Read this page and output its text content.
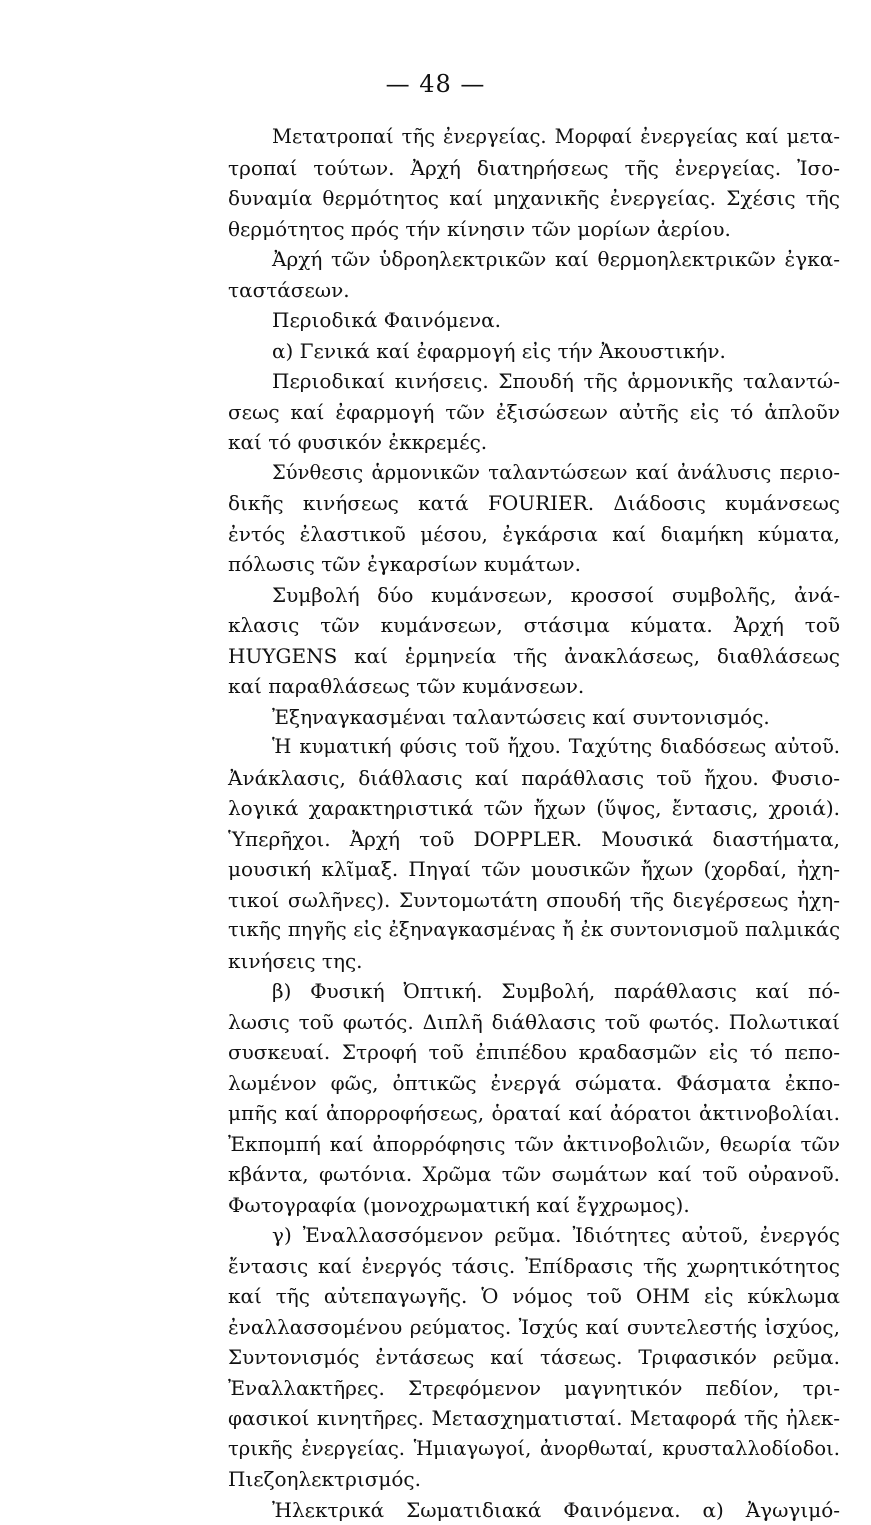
— 48 —
Μετατροπαί τῆς ἐνεργείας. Μορφαί ἐνεργείας καί μετα-
τροπαί τούτων. Ἀρχή διατηρήσεως τῆς ἐνεργείας. Ἰσο-
δυναμία θερμότητος καί μηχανικῆς ἐνεργείας. Σχέσις τῆς
θερμότητος πρός τήν κίνησιν τῶν μορίων ἀερίου.
Ἀρχή τῶν ὑδροηλεκτρικῶν καί θερμοηλεκτρικῶν ἐγκα-
ταστάσεων.
Περιοδικά Φαινόμενα.
α) Γενικά καί ἐφαρμογή εἰς τήν Ἀκουστικήν.
Περιοδικαί κινήσεις. Σπουδή τῆς ἁρμονικῆς ταλαντώ-
σεως καί ἐφαρμογή τῶν ἐξισώσεων αὐτῆς εἰς τό ἁπλοῦν
καί τό φυσικόν ἐκκρεμές.
Σύνθεσις ἁρμονικῶν ταλαντώσεων καί ἀνάλυσις περιο-
δικῆς κινήσεως κατά FOURIER. Διάδοσις κυμάνσεως
ἐντός ἐλαστικοῦ μέσου, ἐγκάρσια καί διαμήκη κύματα,
πόλωσις τῶν ἐγκαρσίων κυμάτων.
Συμβολή δύο κυμάνσεων, κροσσοί συμβολῆς, ἀνά-
κλασις τῶν κυμάνσεων, στάσιμα κύματα. Ἀρχή τοῦ
HUYGENS καί ἑρμηνεία τῆς ἀνακλάσεως, διαθλάσεως
καί παραθλάσεως τῶν κυμάνσεων.
Ἐξηναγκασμέναι ταλαντώσεις καί συντονισμός.
Ἡ κυματική φύσις τοῦ ἤχου. Ταχύτης διαδόσεως αὐτοῦ.
Ἀνάκλασις, διάθλασις καί παράθλασις τοῦ ἤχου. Φυσιο-
λογικά χαρακτηριστικά τῶν ἤχων (ὕψος, ἔντασις, χροιά).
Ὑπερῆχοι. Ἀρχή τοῦ DOPPLER. Μουσικά διαστήματα,
μουσική κλῖμαξ. Πηγαί τῶν μουσικῶν ἤχων (χορδαί, ἠχη-
τικοί σωλῆνες). Συντομωτάτη σπουδή τῆς διεγέρσεως ἠχη-
τικῆς πηγῆς εἰς ἐξηναγκασμένας ἤ ἐκ συντονισμοῦ παλμικάς
κινήσεις της.
β) Φυσική Ὀπτική. Συμβολή, παράθλασις καί πό-
λωσις τοῦ φωτός. Διπλῆ διάθλασις τοῦ φωτός. Πολωτικαί
συσκευαί. Στροφή τοῦ ἐπιπέδου κραδασμῶν εἰς τό πεπο-
λωμένον φῶς, ὀπτικῶς ἐνεργά σώματα. Φάσματα ἐκπο-
μπῆς καί ἀπορροφήσεως, ὁραταί καί ἀόρατοι ἀκτινοβολίαι.
Ἐκπομπή καί ἀπορρόφησις τῶν ἀκτινοβολιῶν, θεωρία τῶν
κβάντα, φωτόνια. Χρῶμα τῶν σωμάτων καί τοῦ οὐρανοῦ.
Φωτογραφία (μονοχρωματική καί ἔγχρωμος).
γ) Ἐναλλασσόμενον ρεῦμα. Ἰδιότητες αὐτοῦ, ἐνεργός
ἔντασις καί ἐνεργός τάσις. Ἐπίδρασις τῆς χωρητικότητος
καί τῆς αὐτεπαγωγῆς. Ὁ νόμος τοῦ OHM εἰς κύκλωμα
ἐναλλασσομένου ρεύματος. Ἰσχύς καί συντελεστής ἰσχύος,
Συντονισμός ἐντάσεως καί τάσεως. Τριφασικόν ρεῦμα.
Ἐναλλακτῆρες. Στρεφόμενον μαγνητικόν πεδίον, τρι-
φασικοί κινητῆρες. Μετασχηματισταί. Μεταφορά τῆς ἠλεκ-
τρικῆς ἐνεργείας. Ἡμιαγωγοί, ἀνορθωταί, κρυσταλλοδίοδοι.
Πιεζοηλεκτρισμός.
Ἠλεκτρικά Σωματιδιακά Φαινόμενα. α) Ἀγωγιμό-
